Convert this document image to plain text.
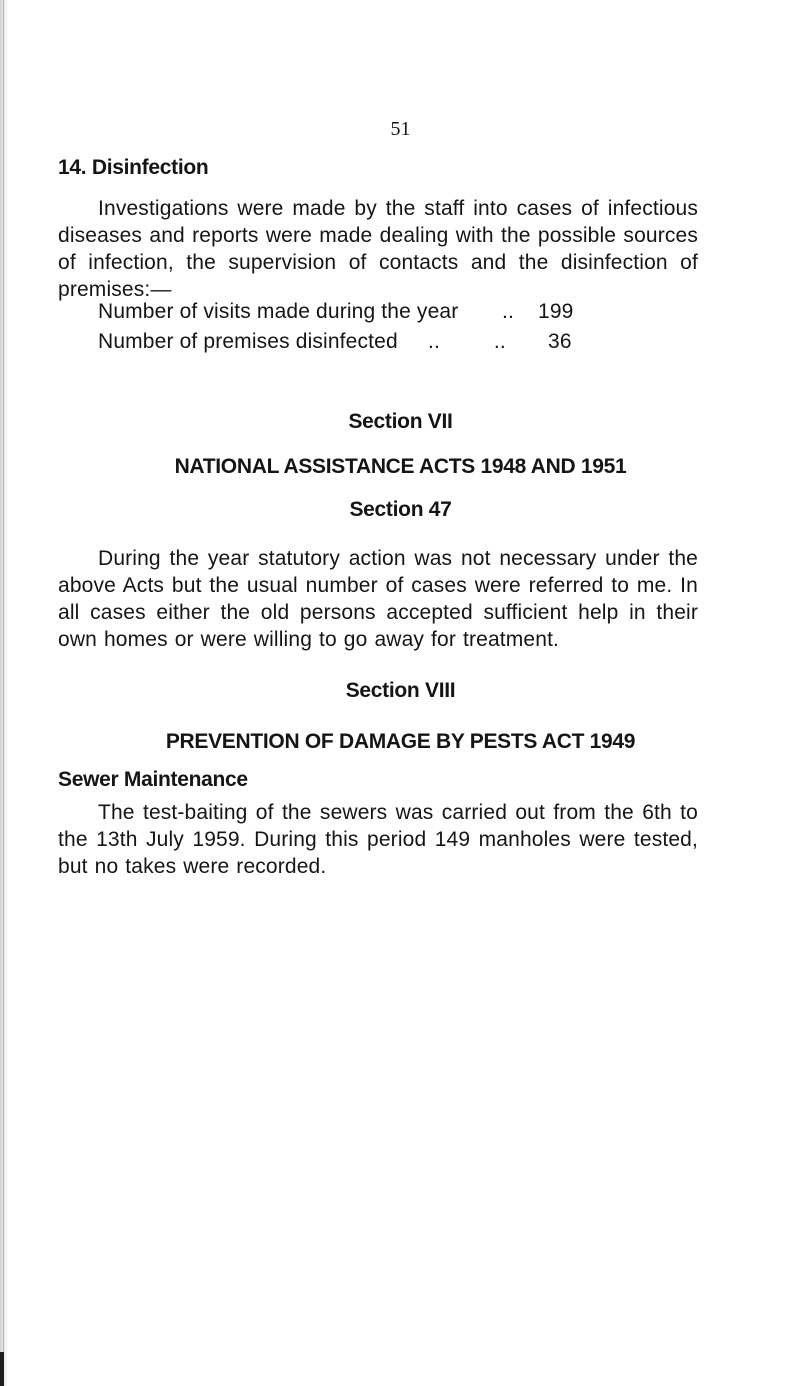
51
14. Disinfection

Investigations were made by the staff into cases of infectious diseases and reports were made dealing with the possible sources of infection, the supervision of contacts and the disinfection of premises:—

Number of visits made during the year .. 199
Number of premises disinfected ..         .. 36
Section VII
NATIONAL ASSISTANCE ACTS 1948 AND 1951
Section 47

During the year statutory action was not necessary under the above Acts but the usual number of cases were referred to me. In all cases either the old persons accepted sufficient help in their own homes or were willing to go away for treatment.

Section VIII
PREVENTION OF DAMAGE BY PESTS ACT 1949
Sewer Maintenance

The test-baiting of the sewers was carried out from the 6th to the 13th July 1959. During this period 149 manholes were tested, but no takes were recorded.
